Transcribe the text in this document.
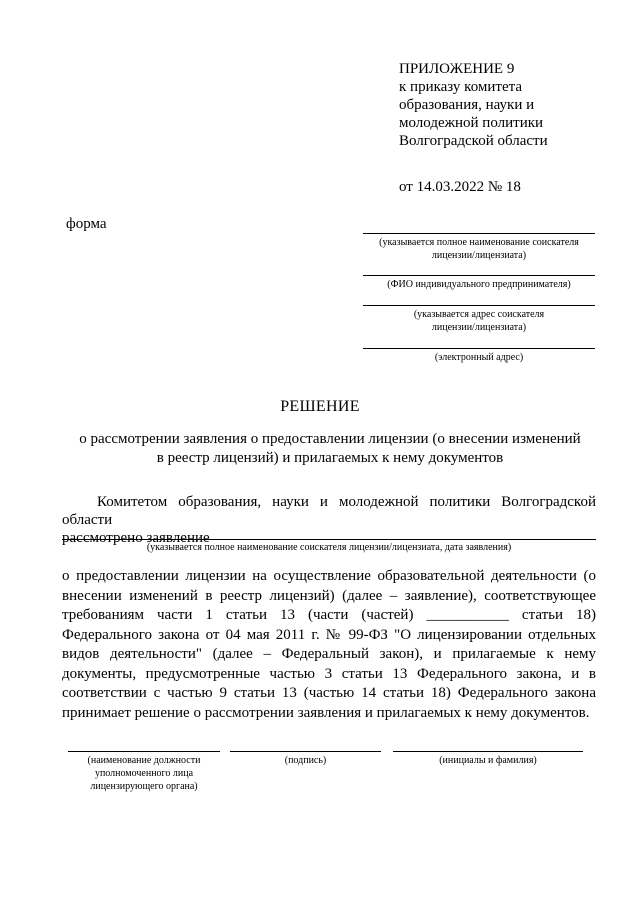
ПРИЛОЖЕНИЕ 9
к приказу комитета
образования, науки и
молодежной политики
Волгоградской области
от 14.03.2022 № 18
форма
(указывается полное наименование соискателя
лицензии/лицензиата)
(ФИО индивидуального предпринимателя)
(указывается адрес соискателя
лицензии/лицензиата)
(электронный адрес)
РЕШЕНИЕ
о рассмотрении заявления о предоставлении лицензии (о внесении изменений
в реестр лицензий) и прилагаемых к нему документов
Комитетом образования, науки и молодежной политики Волгоградской области
рассмотрено заявление
(указывается полное наименование соискателя лицензии/лицензиата, дата заявления)
о предоставлении лицензии на осуществление образовательной деятельности (о внесении изменений в реестр лицензий) (далее – заявление), соответствующее требованиям части 1 статьи 13 (части (частей) ___________ статьи 18) Федерального закона от 04 мая 2011 г. № 99-ФЗ "О лицензировании отдельных видов деятельности" (далее – Федеральный закон), и прилагаемые к нему документы, предусмотренные частью 3 статьи 13 Федерального закона, и в соответствии с частью 9 статьи 13 (частью 14 статьи 18) Федерального закона принимает решение о рассмотрении заявления и прилагаемых к нему документов.
(наименование должности
уполномоченного лица
лицензирующего органа)
(подпись)	(инициалы и фамилия)
